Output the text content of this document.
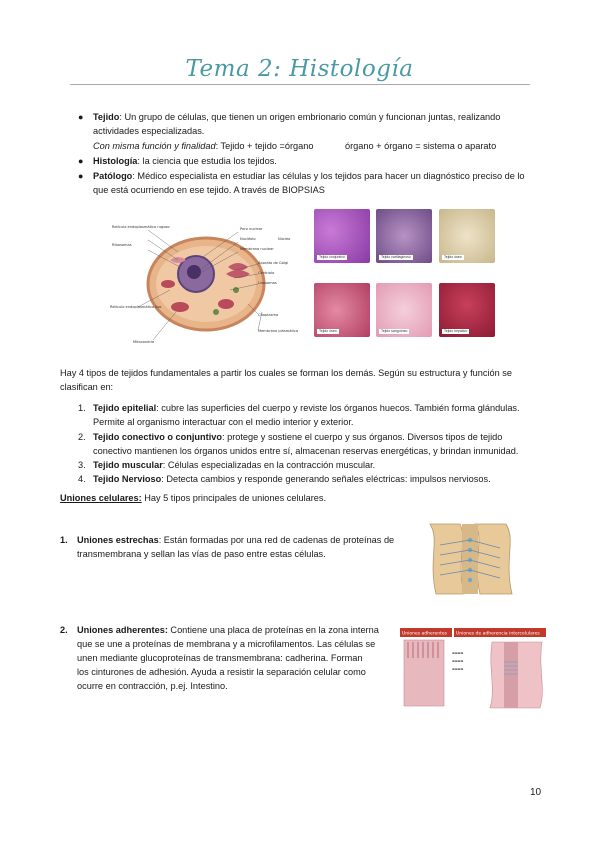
Tema 2: Histología
● Tejido: Un grupo de células, que tienen un origen embrionario común y funcionan juntas, realizando
actividades especializadas.
Con misma función y finalidad: Tejido + tejido =órgano	órgano + órgano = sistema o aparato
● Histología: la ciencia que estudia los tejidos.
● Patólogo: Médico especialista en estudiar las células y los tejidos para hacer un diagnóstico preciso de lo
que está ocurriendo en ese tejido. A través de BIOPSIAS
Retículo endoplasmático rugoso
Ribosomas
Poro nuclear
Nucléolo
Membrana nuclear
Núcleo
Aparato de Golgi
Centriolo
Lisosomas
Retículo endoplasmático liso
Citoplasma
Membrana plasmática
Mitocondria
Tejido conjuntivo	Tejido cartilaginoso	Tejido óseo
Tejido óseo	Tejido sanguíneo	Tejido hepático
Hay 4 tipos de tejidos fundamentales a partir los cuales se forman los demás. Según su estructura y función se
clasifican en:
1. Tejido epitelial: cubre las superficies del cuerpo y reviste los órganos huecos. También forma glándulas.
Permite al organismo interactuar con el medio interior y exterior.
2. Tejido conectivo o conjuntivo: protege y sostiene el cuerpo y sus órganos. Diversos tipos de tejido
conectivo mantienen los órganos unidos entre sí, almacenan reservas energéticas, y brindan inmunidad.
3. Tejido muscular: Células especializadas en la contracción muscular.
4. Tejido Nervioso: Detecta cambios y responde generando señales eléctricas: impulsos nerviosos.
Uniones celulares: Hay 5 tipos principales de uniones celulares.
1. Uniones estrechas: Están formadas por una red de cadenas de proteínas de
transmembrana y sellan las vías de paso entre estas células.
2. Uniones adherentes: Contiene una placa de proteínas en la zona interna
que se une a proteínas de membrana y a microfilamentos. Las células se
unen mediante glucoproteínas de transmembrana: cadherina. Forman
los cinturones de adhesión. Ayuda a resistir la separación celular como
ocurre en contracción, p.ej. Intestino.
Uniones adherentes Uniones de adherencia intercelulares
▬▬▬▬
▬▬▬▬
▬▬▬▬
10
